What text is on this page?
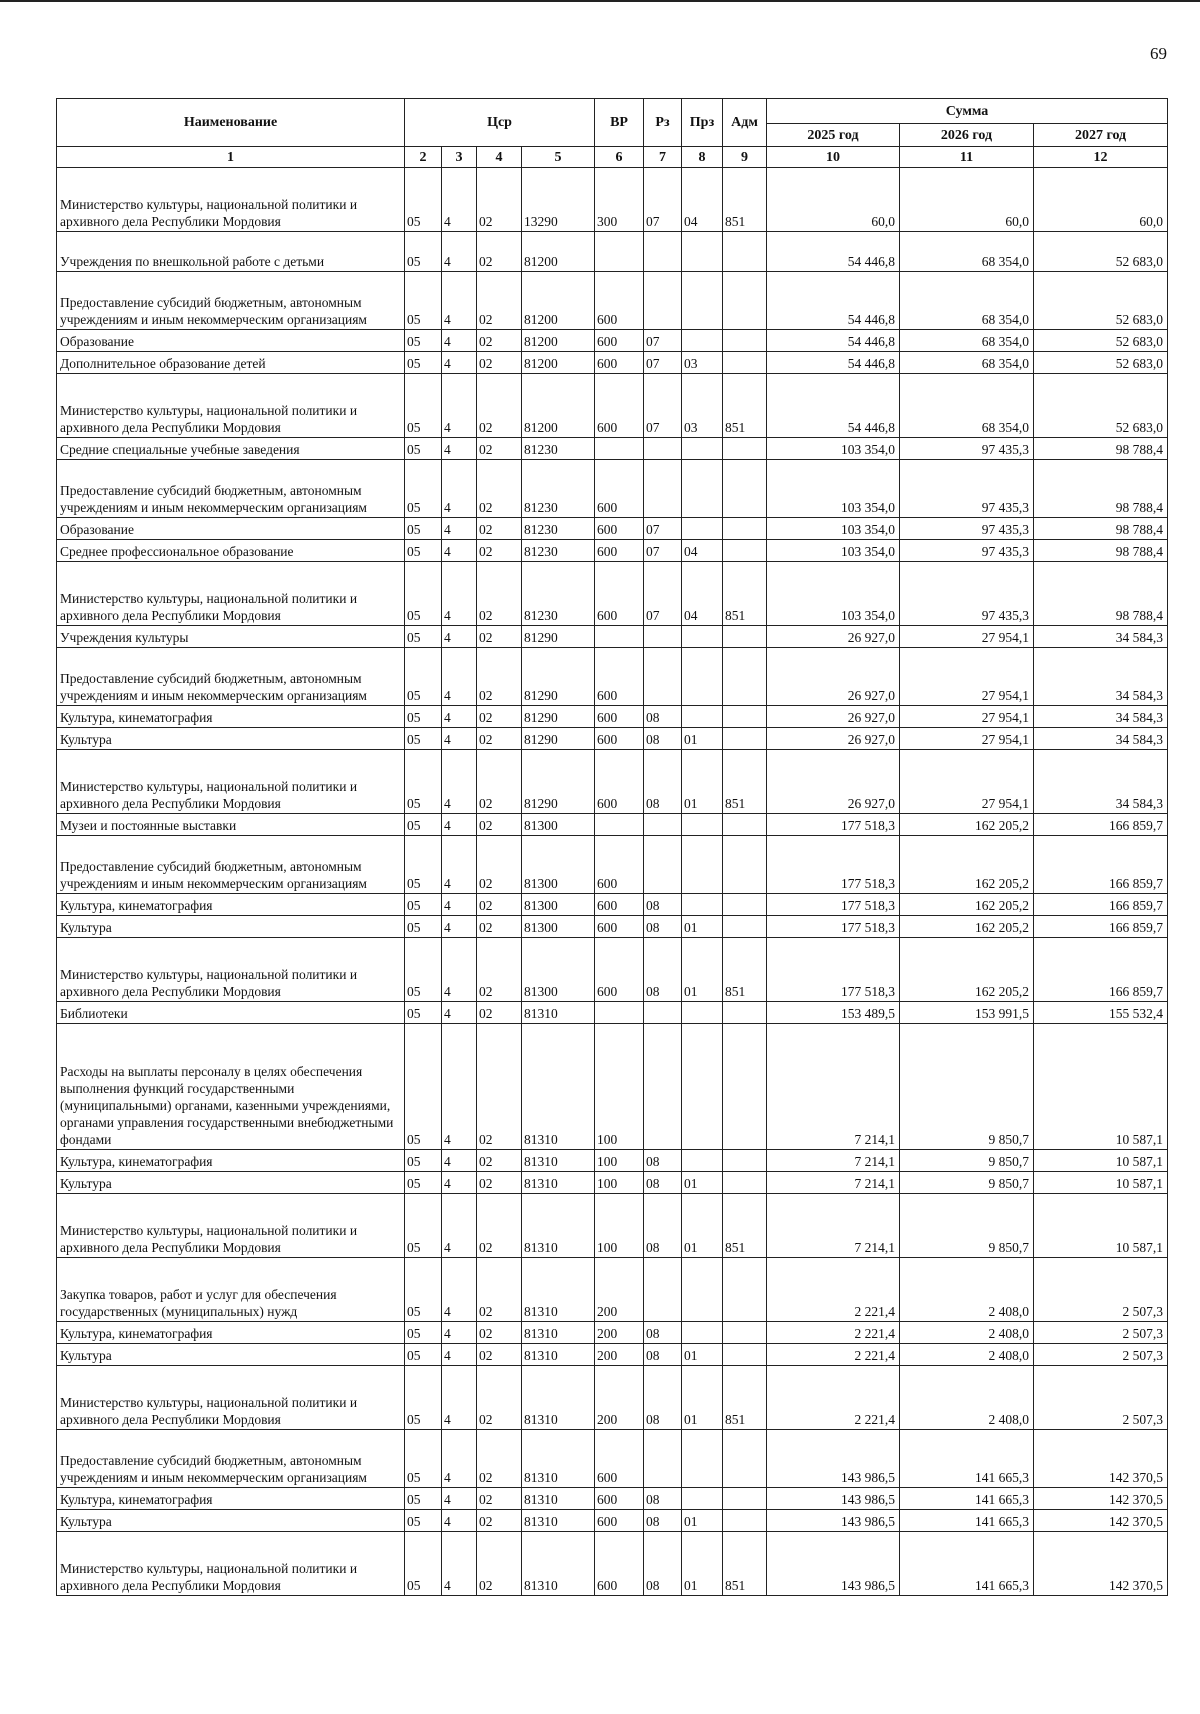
69
Наименование	Цср				ВР	Рз	Прз	Адм	Сумма		
									2025 год	2026 год	2027 год
1	2	3	4	5	6	7	8	9	10	11	12
Министерство культуры, национальной политики и архивного дела Республики Мордовия	05	4	02	13290	300	07	04	851	60,0	60,0	60,0
Учреждения по внешкольной работе с детьми	05	4	02	81200					54 446,8	68 354,0	52 683,0
Предоставление субсидий бюджетным, автономным учреждениям и иным некоммерческим организациям	05	4	02	81200	600				54 446,8	68 354,0	52 683,0
Образование	05	4	02	81200	600	07			54 446,8	68 354,0	52 683,0
Дополнительное образование детей	05	4	02	81200	600	07	03		54 446,8	68 354,0	52 683,0
Министерство культуры, национальной политики и архивного дела Республики Мордовия	05	4	02	81200	600	07	03	851	54 446,8	68 354,0	52 683,0
Средние специальные учебные заведения	05	4	02	81230					103 354,0	97 435,3	98 788,4
Предоставление субсидий бюджетным, автономным учреждениям и иным некоммерческим организациям	05	4	02	81230	600				103 354,0	97 435,3	98 788,4
Образование	05	4	02	81230	600	07			103 354,0	97 435,3	98 788,4
Среднее профессиональное образование	05	4	02	81230	600	07	04		103 354,0	97 435,3	98 788,4
Министерство культуры, национальной политики и архивного дела Республики Мордовия	05	4	02	81230	600	07	04	851	103 354,0	97 435,3	98 788,4
Учреждения культуры	05	4	02	81290					26 927,0	27 954,1	34 584,3
Предоставление субсидий бюджетным, автономным учреждениям и иным некоммерческим организациям	05	4	02	81290	600				26 927,0	27 954,1	34 584,3
Культура, кинематография	05	4	02	81290	600	08			26 927,0	27 954,1	34 584,3
Культура	05	4	02	81290	600	08	01		26 927,0	27 954,1	34 584,3
Министерство культуры, национальной политики и архивного дела Республики Мордовия	05	4	02	81290	600	08	01	851	26 927,0	27 954,1	34 584,3
Музеи и постоянные выставки	05	4	02	81300					177 518,3	162 205,2	166 859,7
Предоставление субсидий бюджетным, автономным учреждениям и иным некоммерческим организациям	05	4	02	81300	600				177 518,3	162 205,2	166 859,7
Культура, кинематография	05	4	02	81300	600	08			177 518,3	162 205,2	166 859,7
Культура	05	4	02	81300	600	08	01		177 518,3	162 205,2	166 859,7
Министерство культуры, национальной политики и архивного дела Республики Мордовия	05	4	02	81300	600	08	01	851	177 518,3	162 205,2	166 859,7
Библиотеки	05	4	02	81310					153 489,5	153 991,5	155 532,4
Расходы на выплаты персоналу в целях обеспечения выполнения функций государственными (муниципальными) органами, казенными учреждениями, органами управления государственными внебюджетными фондами	05	4	02	81310	100				7 214,1	9 850,7	10 587,1
Культура, кинематография	05	4	02	81310	100	08			7 214,1	9 850,7	10 587,1
Культура	05	4	02	81310	100	08	01		7 214,1	9 850,7	10 587,1
Министерство культуры, национальной политики и архивного дела Республики Мордовия	05	4	02	81310	100	08	01	851	7 214,1	9 850,7	10 587,1
Закупка товаров, работ и услуг для обеспечения государственных (муниципальных) нужд	05	4	02	81310	200				2 221,4	2 408,0	2 507,3
Культура, кинематография	05	4	02	81310	200	08			2 221,4	2 408,0	2 507,3
Культура	05	4	02	81310	200	08	01		2 221,4	2 408,0	2 507,3
Министерство культуры, национальной политики и архивного дела Республики Мордовия	05	4	02	81310	200	08	01	851	2 221,4	2 408,0	2 507,3
Предоставление субсидий бюджетным, автономным учреждениям и иным некоммерческим организациям	05	4	02	81310	600				143 986,5	141 665,3	142 370,5
Культура, кинематография	05	4	02	81310	600	08			143 986,5	141 665,3	142 370,5
Культура	05	4	02	81310	600	08	01		143 986,5	141 665,3	142 370,5
Министерство культуры, национальной политики и архивного дела Республики Мордовия	05	4	02	81310	600	08	01	851	143 986,5	141 665,3	142 370,5
